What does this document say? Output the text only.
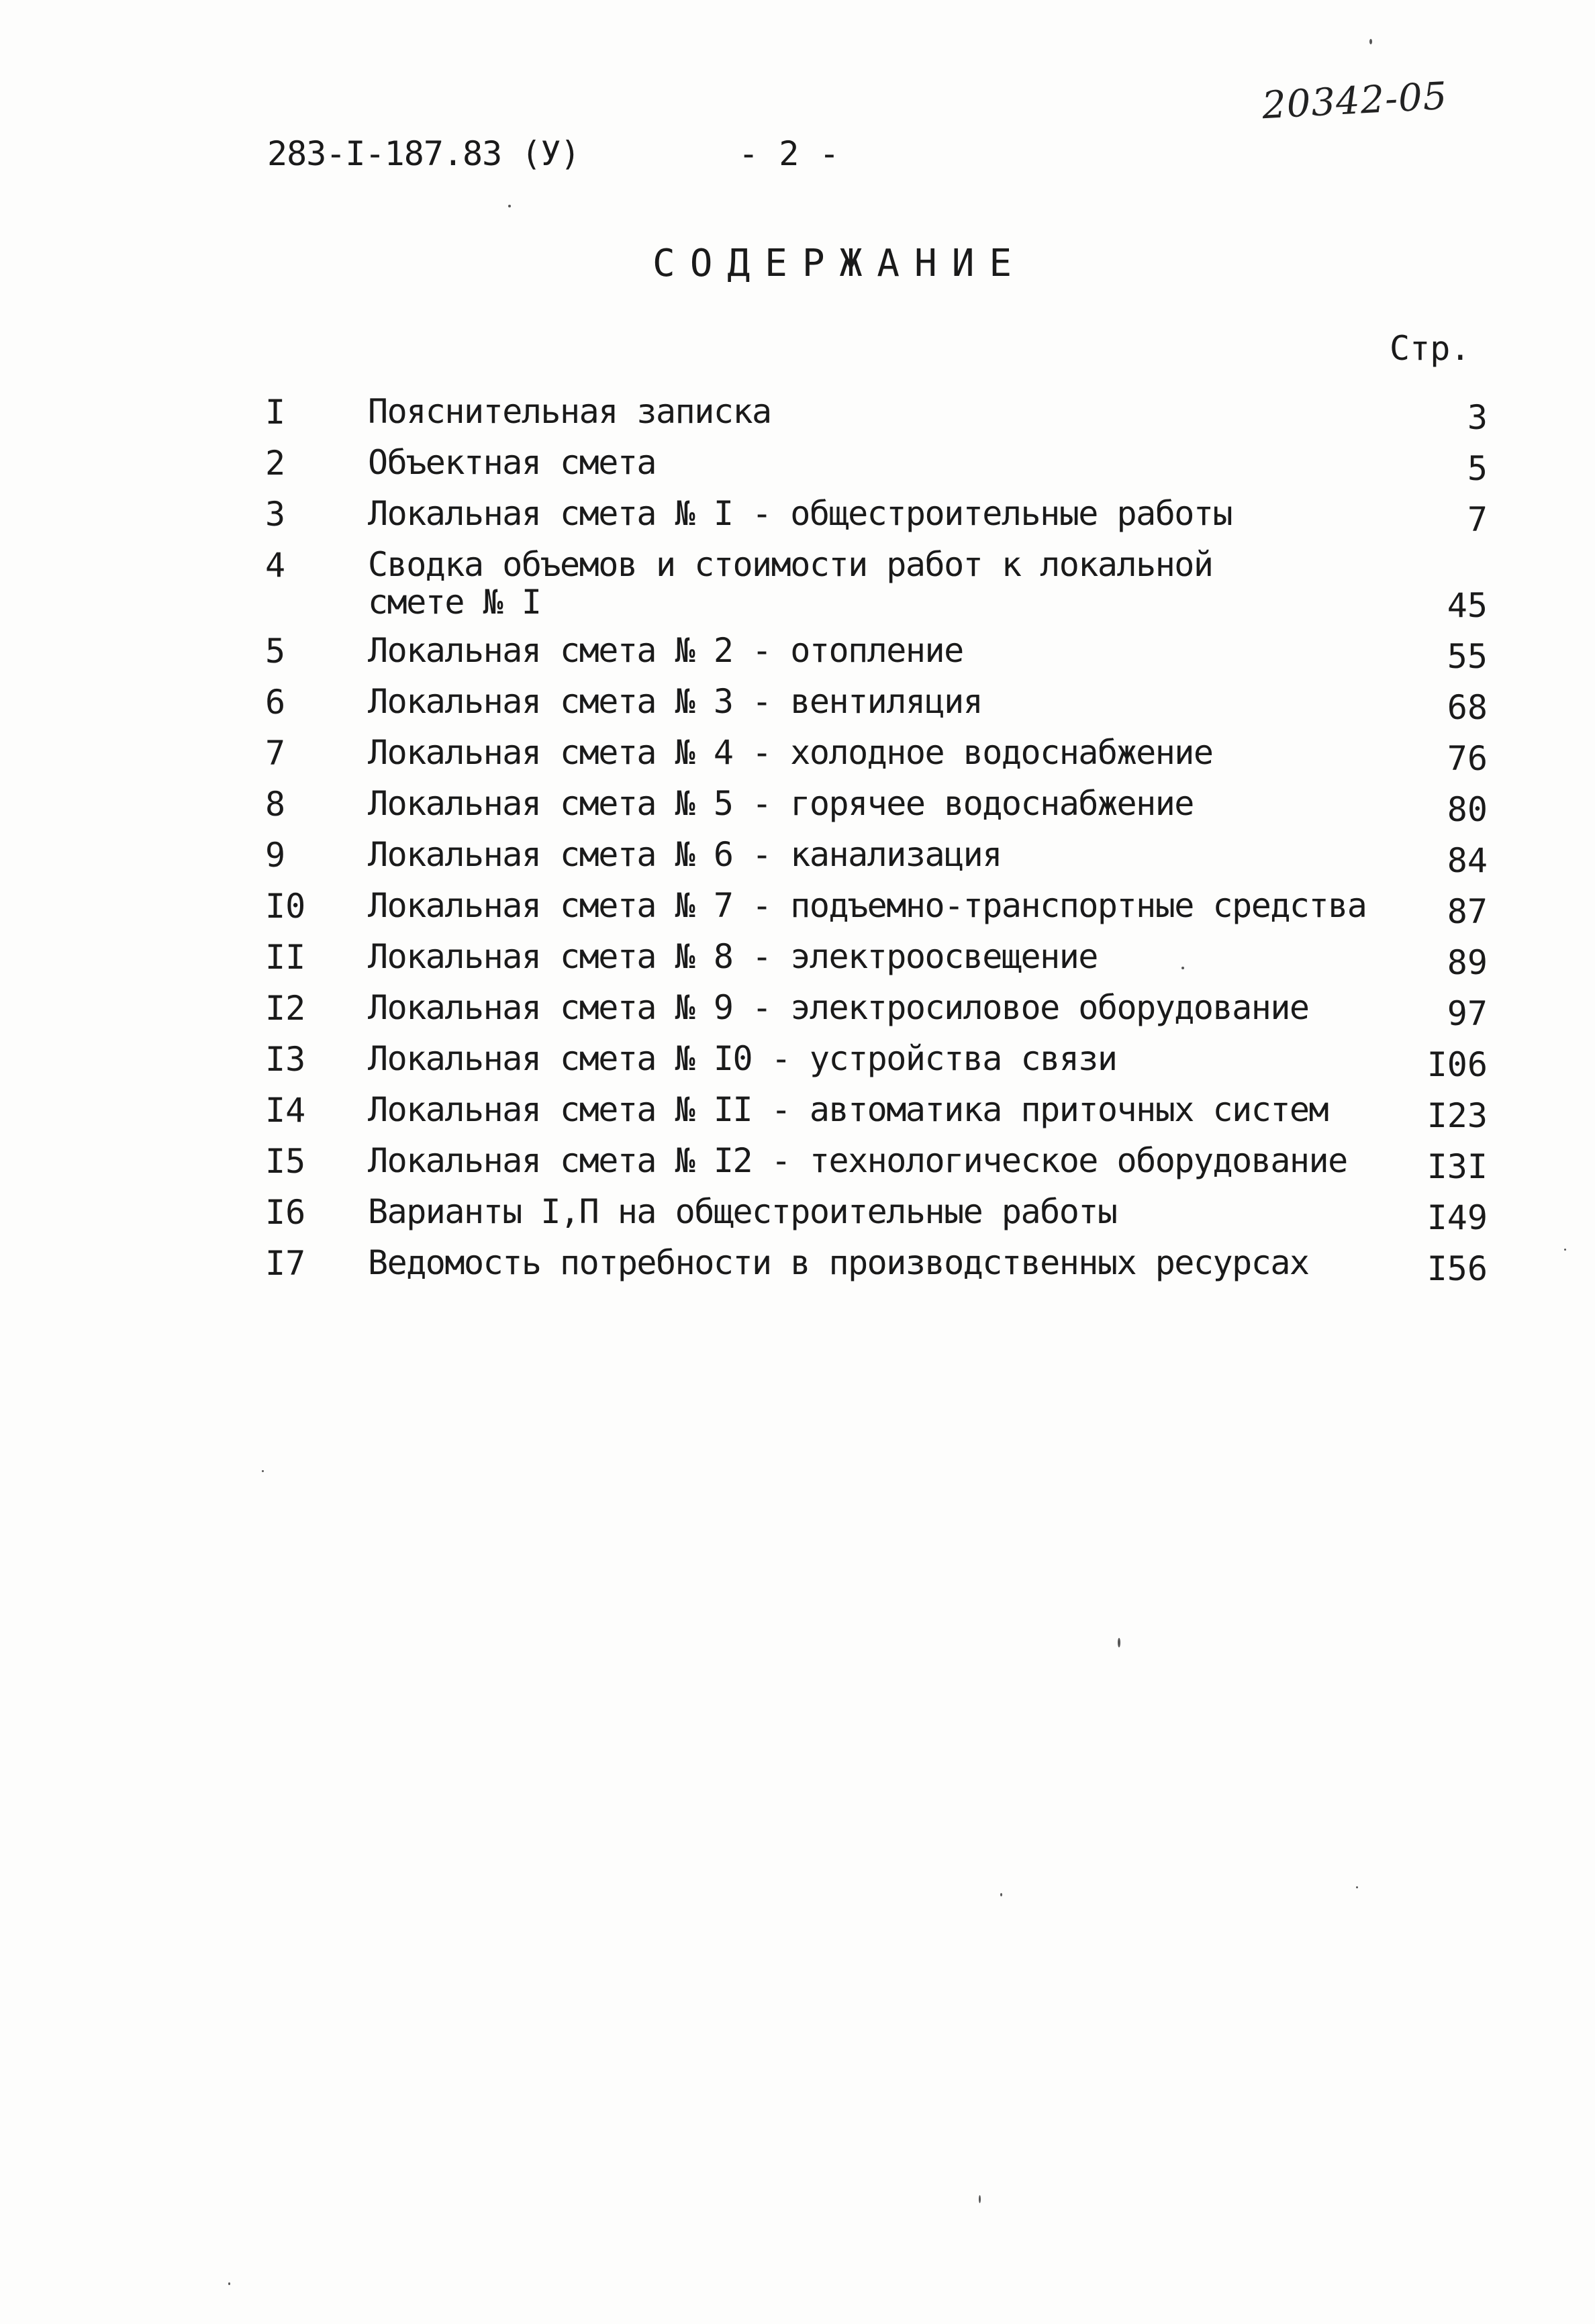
20342-05
283-I-187.83 (У)	- 2 -
СОДЕРЖАНИЕ
Стр.
I Пояснительная записка	3
2 Объектная смета	5
3 Локальная смета № I - общестроительные работы	7
4 Сводка объемов и стоимости работ к локальной
смете № I	45
5 Локальная смета № 2 - отопление	55
6 Локальная смета № 3 - вентиляция	68
7 Локальная смета № 4 - холодное водоснабжение	76
8 Локальная смета № 5 - горячее водоснабжение	80
9 Локальная смета № 6 - канализация	84
I0 Локальная смета № 7 - подъемно-транспортные средства	87
II Локальная смета № 8 - электроосвещение	89
I2 Локальная смета № 9 - электросиловое оборудование	97
I3 Локальная смета № I0 - устройства связи	I06
I4 Локальная смета № II - автоматика приточных систем	I23
I5 Локальная смета № I2 - технологическое оборудование	I3I
I6 Варианты I,П на общестроительные работы	I49
I7 Ведомость потребности в производственных ресурсах	I56
